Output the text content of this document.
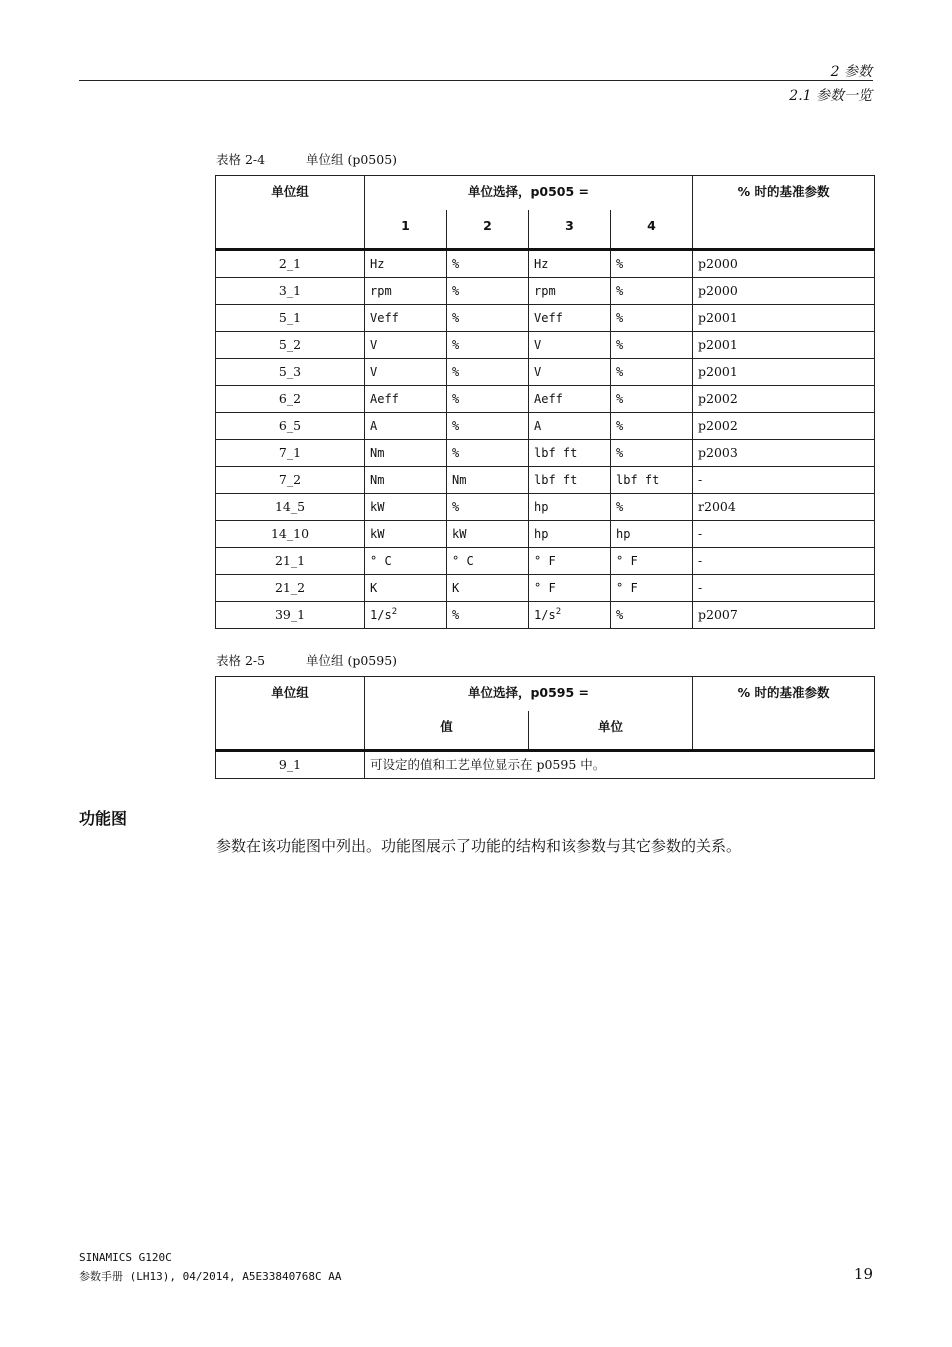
2 参数
2.1 参数一览
表格 2-4	单位组 (p0505)
单位组	单位选择，p0505 =				% 时的基准参数
	1	2	3	4	
2_1	Hz	%	Hz	%	p2000
3_1	rpm	%	rpm	%	p2000
5_1	Veff	%	Veff	%	p2001
5_2	V	%	V	%	p2001
5_3	V	%	V	%	p2001
6_2	Aeff	%	Aeff	%	p2002
6_5	A	%	A	%	p2002
7_1	Nm	%	lbf ft	%	p2003
7_2	Nm	Nm	lbf ft	lbf ft	-
14_5	kW	%	hp	%	r2004
14_10	kW	kW	hp	hp	-
21_1	° C	° C	° F	° F	-
21_2	K	K	° F	° F	-
39_1	$1/s^2$	%	$1/s^2$	%	p2007
表格 2-5	单位组 (p0595)
单位组	单位选择，p0595 =		% 时的基准参数
	值	单位	
9_1	可设定的值和工艺单位显示在 p0595 中。		
功能图
参数在该功能图中列出。功能图展示了功能的结构和该参数与其它参数的关系。
SINAMICS G120C
参数手册 (LH13), 04/2014, A5E33840768C AA	19
